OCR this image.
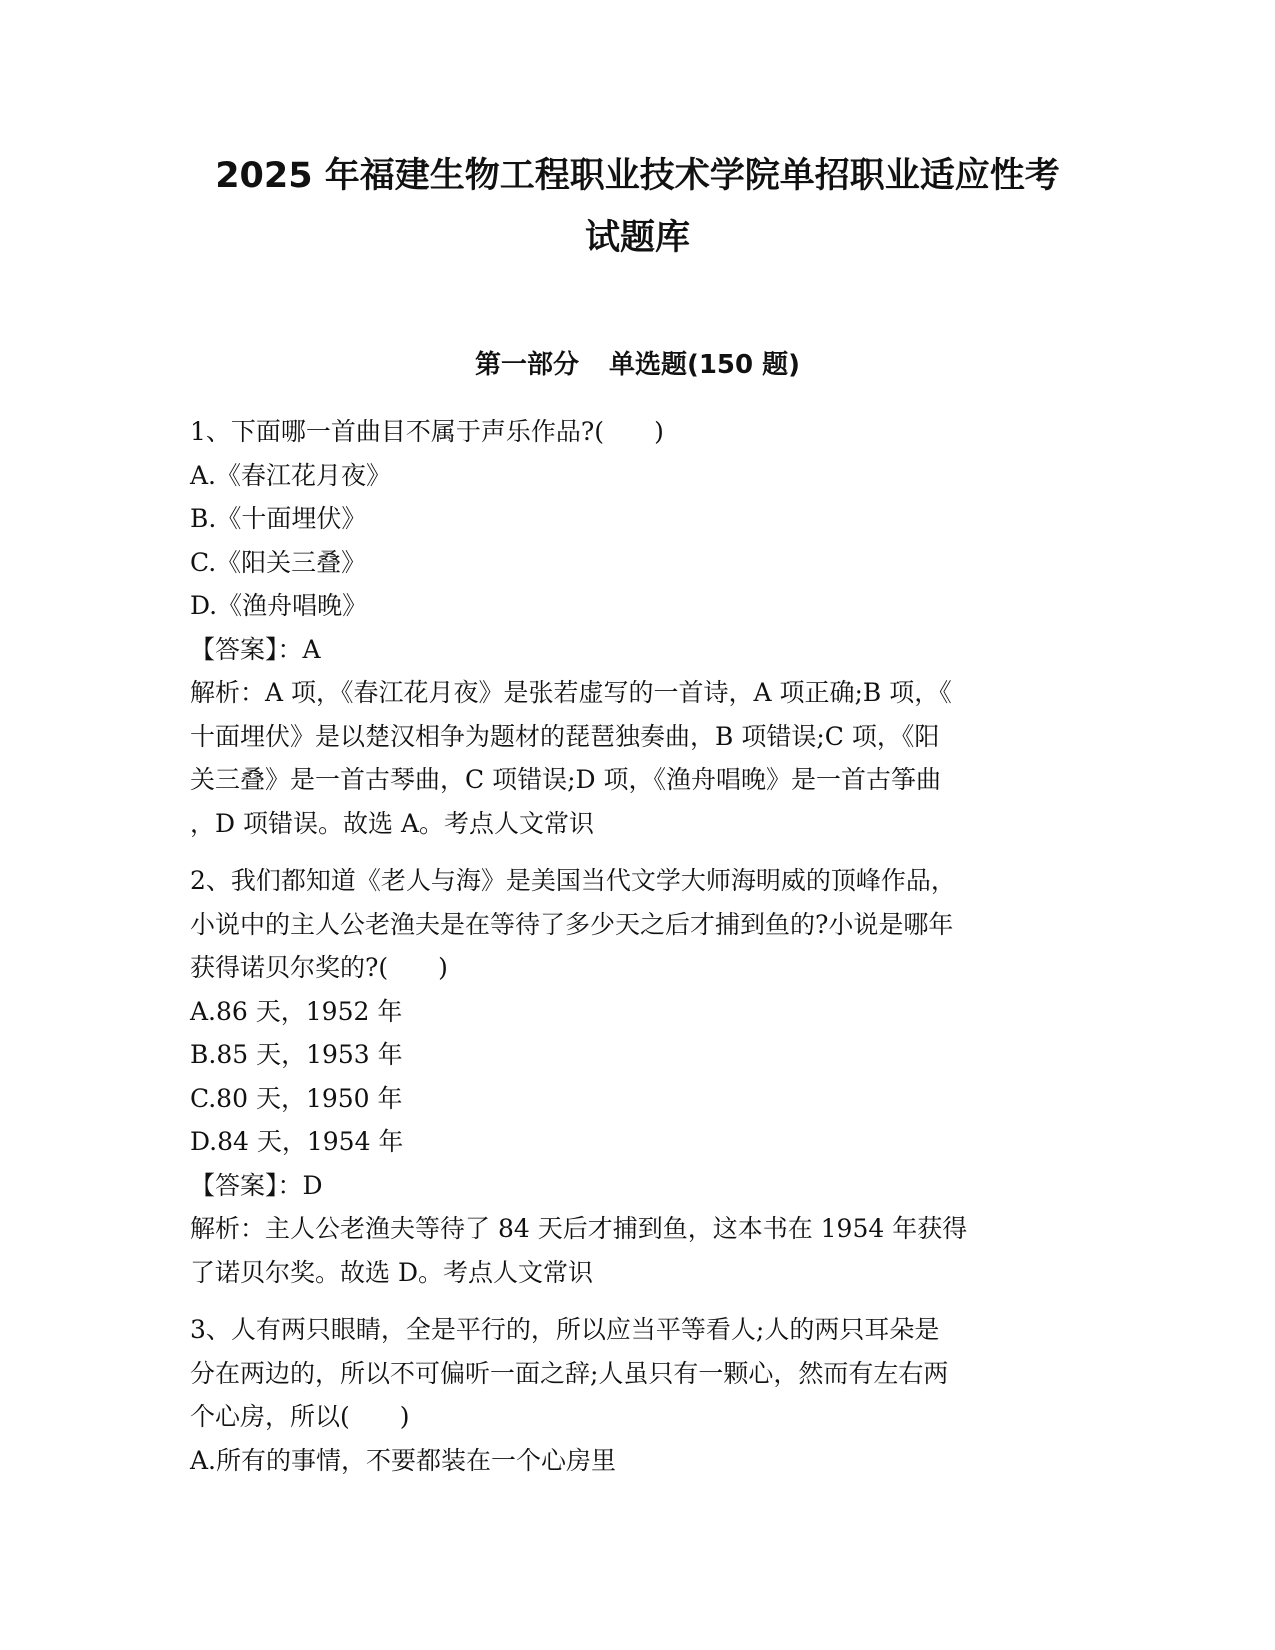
2025 年福建生物工程职业技术学院单招职业适应性考
试题库
第一部分 单选题(150 题)
1、下面哪一首曲目不属于声乐作品?(　　)
A.《春江花月夜》
B.《十面埋伏》
C.《阳关三叠》
D.《渔舟唱晚》
【答案】：A
解析：A 项，《春江花月夜》是张若虚写的一首诗，A 项正确;B 项，《
十面埋伏》是以楚汉相争为题材的琵琶独奏曲，B 项错误;C 项，《阳
关三叠》是一首古琴曲，C 项错误;D 项，《渔舟唱晚》是一首古筝曲
，D 项错误。故选 A。考点人文常识
2、我们都知道《老人与海》是美国当代文学大师海明威的顶峰作品，
小说中的主人公老渔夫是在等待了多少天之后才捕到鱼的?小说是哪年
获得诺贝尔奖的?(　　)
A.86 天，1952 年
B.85 天，1953 年
C.80 天，1950 年
D.84 天，1954 年
【答案】：D
解析：主人公老渔夫等待了 84 天后才捕到鱼，这本书在 1954 年获得
了诺贝尔奖。故选 D。考点人文常识
3、人有两只眼睛，全是平行的，所以应当平等看人;人的两只耳朵是
分在两边的，所以不可偏听一面之辞;人虽只有一颗心，然而有左右两
个心房，所以(　　)
A.所有的事情，不要都装在一个心房里
